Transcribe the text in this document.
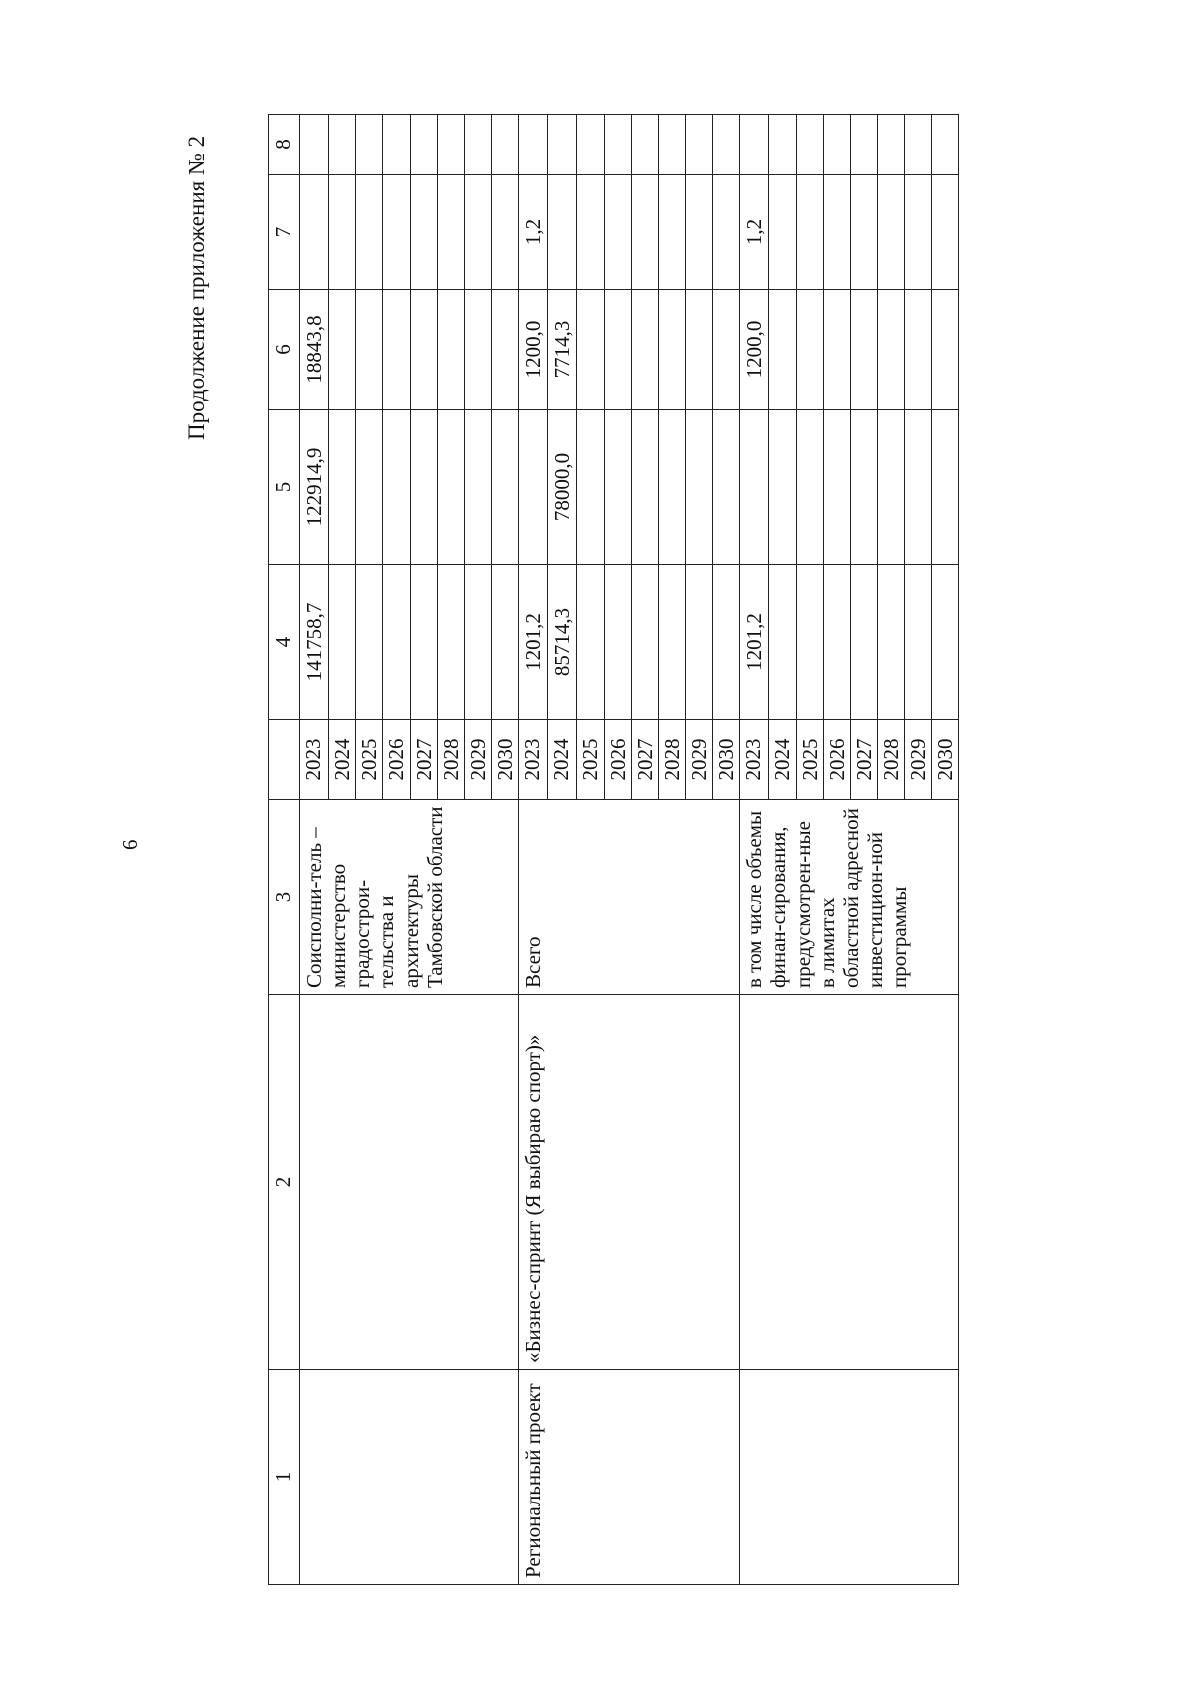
6
Продолжение приложения № 2
1	2	3		4	5	6	7	8
		Соисполни-тель – министерство градострои-тельства и архитектуры Тамбовской области	2023	141758,7	122914,9	18843,8		
			2024					
			2025					
			2026					
			2027					
			2028					
			2029					
			2030					
Региональный проект	«Бизнес-спринт (Я выбираю спорт)»	Всего	2023	1201,2		1200,0	1,2	
			2024	85714,3	78000,0	7714,3		
			2025					
			2026					
			2027					
			2028					
			2029					
			2030					
		в том числе объемы финан-сирования, предусмотрен-ные в лимитах областной адресной инвестицион-ной программы	2023	1201,2		1200,0	1,2	
			2024					
			2025					
			2026					
			2027					
			2028					
			2029					
			2030					
